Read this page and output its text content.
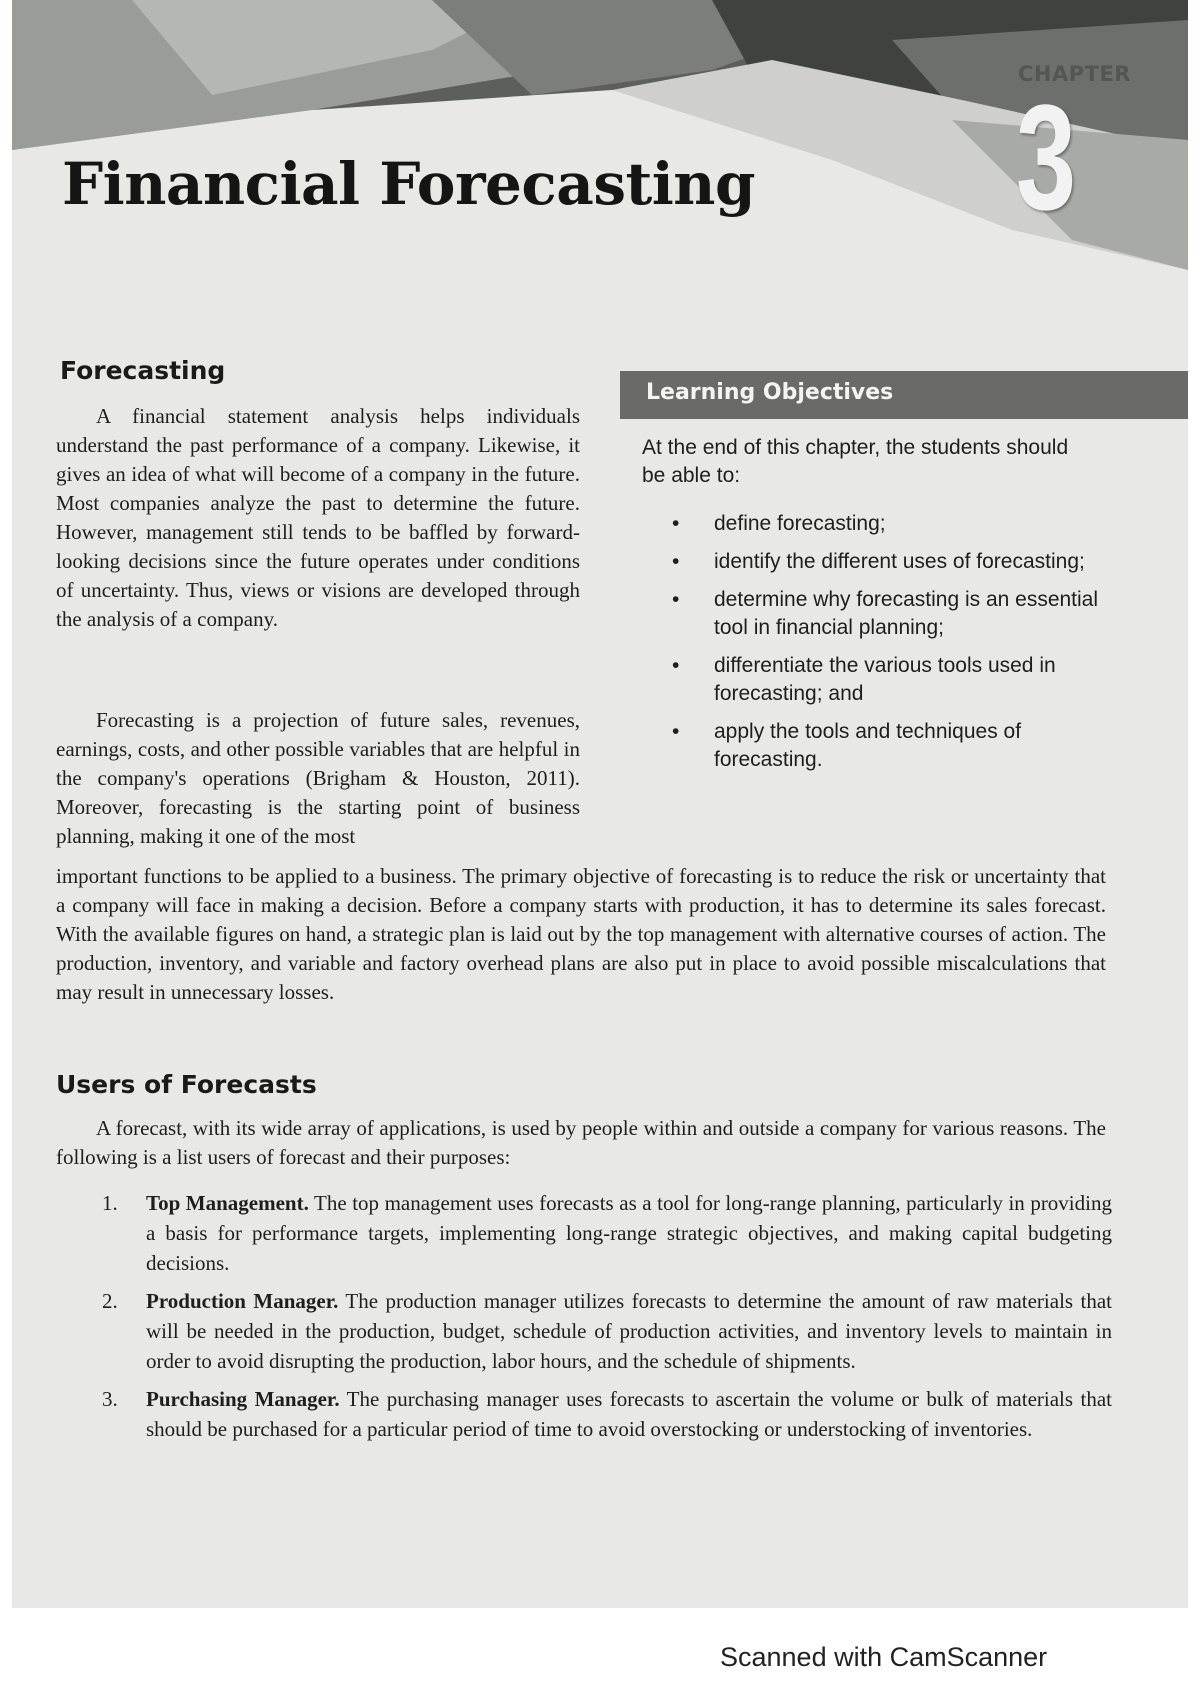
CHAPTER
3
Financial Forecasting
Forecasting

A financial statement analysis helps individuals understand the past performance of a company. Likewise, it gives an idea of what will become of a company in the future. Most companies analyze the past to determine the future. However, management still tends to be baffled by forward-looking decisions since the future operates under conditions of uncertainty. Thus, views or visions are developed through the analysis of a company.

Forecasting is a projection of future sales, revenues, earnings, costs, and other possible variables that are helpful in the company's operations (Brigham & Houston, 2011). Moreover, forecasting is the starting point of business planning, making it one of the most

important functions to be applied to a business. The primary objective of forecasting is to reduce the risk or uncertainty that a company will face in making a decision. Before a company starts with production, it has to determine its sales forecast. With the available figures on hand, a strategic plan is laid out by the top management with alternative courses of action. The production, inventory, and variable and factory overhead plans are also put in place to avoid possible miscalculations that may result in unnecessary losses.

Learning Objectives

At the end of this chapter, the students should be able to:

• define forecasting;
• identify the different uses of forecasting;
• determine why forecasting is an essential tool in financial planning;
• differentiate the various tools used in forecasting; and
• apply the tools and techniques of forecasting.
Users of Forecasts

A forecast, with its wide array of applications, is used by people within and outside a company for various reasons. The following is a list users of forecast and their purposes:

1. Top Management. The top management uses forecasts as a tool for long-range planning, particularly in providing a basis for performance targets, implementing long-range strategic objectives, and making capital budgeting decisions.
2. Production Manager. The production manager utilizes forecasts to determine the amount of raw materials that will be needed in the production, budget, schedule of production activities, and inventory levels to maintain in order to avoid disrupting the production, labor hours, and the schedule of shipments.
3. Purchasing Manager. The purchasing manager uses forecasts to ascertain the volume or bulk of materials that should be purchased for a particular period of time to avoid overstocking or understocking of inventories.
Scanned with CamScanner
